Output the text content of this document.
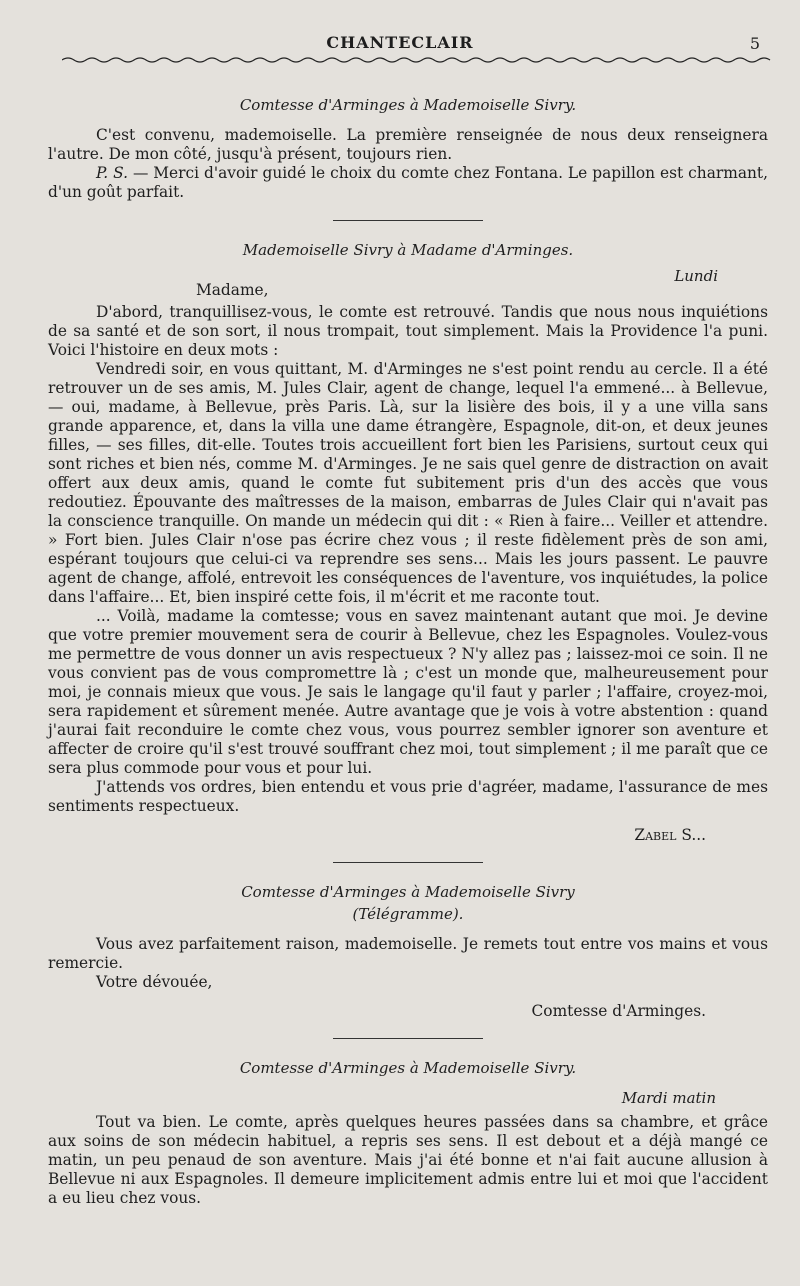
CHANTECLAIR	5
Comtesse d'Arminges à Mademoiselle Sivry.

C'est convenu, mademoiselle. La première renseignée de nous deux renseignera l'autre. De mon côté, jusqu'à présent, toujours rien.

P. S. — Merci d'avoir guidé le choix du comte chez Fontana. Le papillon est charmant, d'un goût parfait.

Mademoiselle Sivry à Madame d'Arminges.
Madame,
Lundi

D'abord, tranquillisez-vous, le comte est retrouvé. Tandis que nous nous inquiétions de sa santé et de son sort, il nous trompait, tout simplement. Mais la Providence l'a puni. Voici l'histoire en deux mots :

Vendredi soir, en vous quittant, M. d'Arminges ne s'est point rendu au cercle. Il a été retrouver un de ses amis, M. Jules Clair, agent de change, lequel l'a emmené... à Bellevue, — oui, madame, à Bellevue, près Paris. Là, sur la lisière des bois, il y a une villa sans grande apparence, et, dans la villa une dame étrangère, Espagnole, dit-on, et deux jeunes filles, — ses filles, dit-elle. Toutes trois accueillent fort bien les Parisiens, surtout ceux qui sont riches et bien nés, comme M. d'Arminges. Je ne sais quel genre de distraction on avait offert aux deux amis, quand le comte fut subitement pris d'un des accès que vous redoutiez. Épouvante des maîtresses de la maison, embarras de Jules Clair qui n'avait pas la conscience tranquille. On mande un médecin qui dit : « Rien à faire... Veiller et attendre. » Fort bien. Jules Clair n'ose pas écrire chez vous ; il reste fidèlement près de son ami, espérant toujours que celui-ci va reprendre ses sens... Mais les jours passent. Le pauvre agent de change, affolé, entrevoit les conséquences de l'aventure, vos inquiétudes, la police dans l'affaire... Et, bien inspiré cette fois, il m'écrit et me raconte tout.

... Voilà, madame la comtesse; vous en savez maintenant autant que moi. Je devine que votre premier mouvement sera de courir à Bellevue, chez les Espagnoles. Voulez-vous me permettre de vous donner un avis respectueux ? N'y allez pas ; laissez-moi ce soin. Il ne vous convient pas de vous compromettre là ; c'est un monde que, malheureusement pour moi, je connais mieux que vous. Je sais le langage qu'il faut y parler ; l'affaire, croyez-moi, sera rapidement et sûrement menée. Autre avantage que je vois à votre abstention : quand j'aurai fait reconduire le comte chez vous, vous pourrez sembler ignorer son aventure et affecter de croire qu'il s'est trouvé souffrant chez moi, tout simplement ; il me paraît que ce sera plus commode pour vous et pour lui.

J'attends vos ordres, bien entendu et vous prie d'agréer, madame, l'assurance de mes sentiments respectueux.

Zabel S...
Comtesse d'Arminges à Mademoiselle Sivry
(Télégramme).

Vous avez parfaitement raison, mademoiselle. Je remets tout entre vos mains et vous remercie.

Votre dévouée,
Comtesse d'Arminges.
Comtesse d'Arminges à Mademoiselle Sivry.
Mardi matin

Tout va bien. Le comte, après quelques heures passées dans sa chambre, et grâce aux soins de son médecin habituel, a repris ses sens. Il est debout et a déjà mangé ce matin, un peu penaud de son aventure. Mais j'ai été bonne et n'ai fait aucune allusion à Bellevue ni aux Espagnoles. Il demeure implicitement admis entre lui et moi que l'accident a eu lieu chez vous.
